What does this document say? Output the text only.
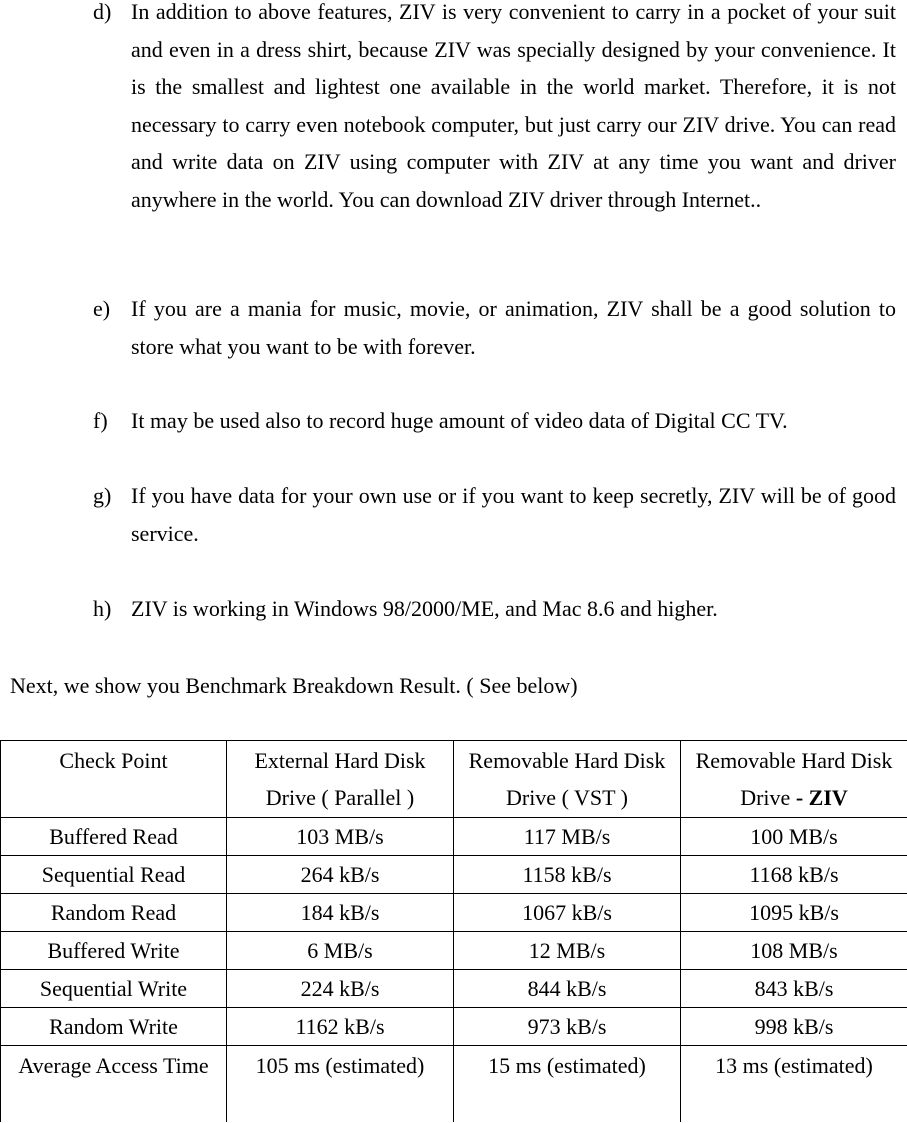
d) In addition to above features, ZIV is very convenient to carry in a pocket of your suit and even in a dress shirt, because ZIV was specially designed by your convenience. It is the smallest and lightest one available in the world market. Therefore, it is not necessary to carry even notebook computer, but just carry our ZIV drive. You can read and write data on ZIV using computer with ZIV at any time you want and driver anywhere in the world. You can download ZIV driver through Internet..
e) If you are a mania for music, movie, or animation, ZIV shall be a good solution to store what you want to be with forever.
f) It may be used also to record huge amount of video data of Digital CC TV.
g) If you have data for your own use or if you want to keep secretly, ZIV will be of good service.
h) ZIV is working in Windows 98/2000/ME, and Mac 8.6 and higher.
Next, we show you Benchmark Breakdown Result. ( See below)
Check Point	External Hard Disk Drive ( Parallel )	Removable Hard Disk Drive ( VST )	Removable Hard Disk Drive - ZIV
Buffered Read	103 MB/s	117 MB/s	100 MB/s
Sequential Read	264 kB/s	1158 kB/s	1168 kB/s
Random Read	184 kB/s	1067 kB/s	1095 kB/s
Buffered Write	6 MB/s	12 MB/s	108 MB/s
Sequential Write	224 kB/s	844 kB/s	843 kB/s
Random Write	1162 kB/s	973 kB/s	998 kB/s
Average Access Time	105 ms (estimated)	15 ms (estimated)	13 ms (estimated)
